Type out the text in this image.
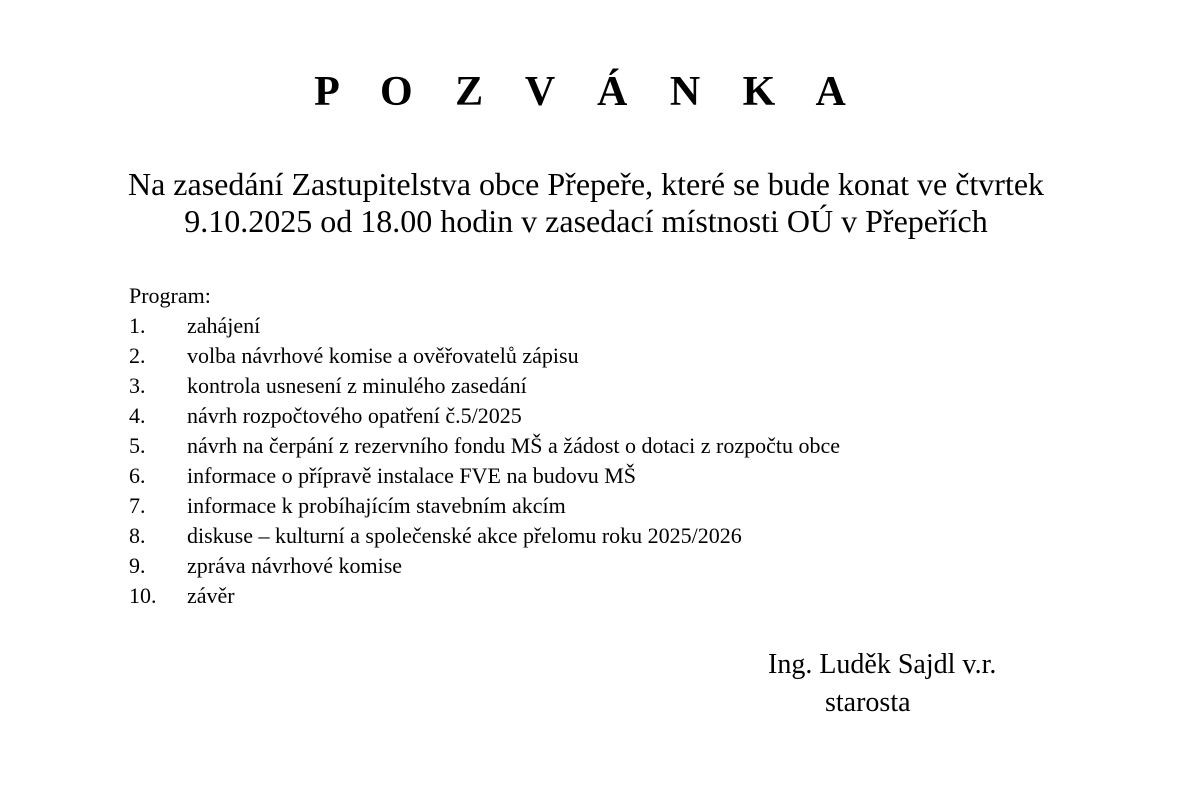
P O Z V Á N K A
Na zasedání Zastupitelstva obce Přepeře, které se bude konat ve čtvrtek
9.10.2025 od 18.00 hodin v zasedací místnosti OÚ v Přepeřích
Program:
1.	zahájení
2.	volba návrhové komise a ověřovatelů zápisu
3.	kontrola usnesení z minulého zasedání
4.	návrh rozpočtového opatření č.5/2025
5.	návrh na čerpání z rezervního fondu MŠ a žádost o dotaci z rozpočtu obce
6.	informace o přípravě instalace FVE na budovu MŠ
7.	informace k probíhajícím stavebním akcím
8.	diskuse – kulturní a společenské akce přelomu roku 2025/2026
9.	zpráva návrhové komise
10.	závěr
Ing. Luděk Sajdl v.r.
starosta
